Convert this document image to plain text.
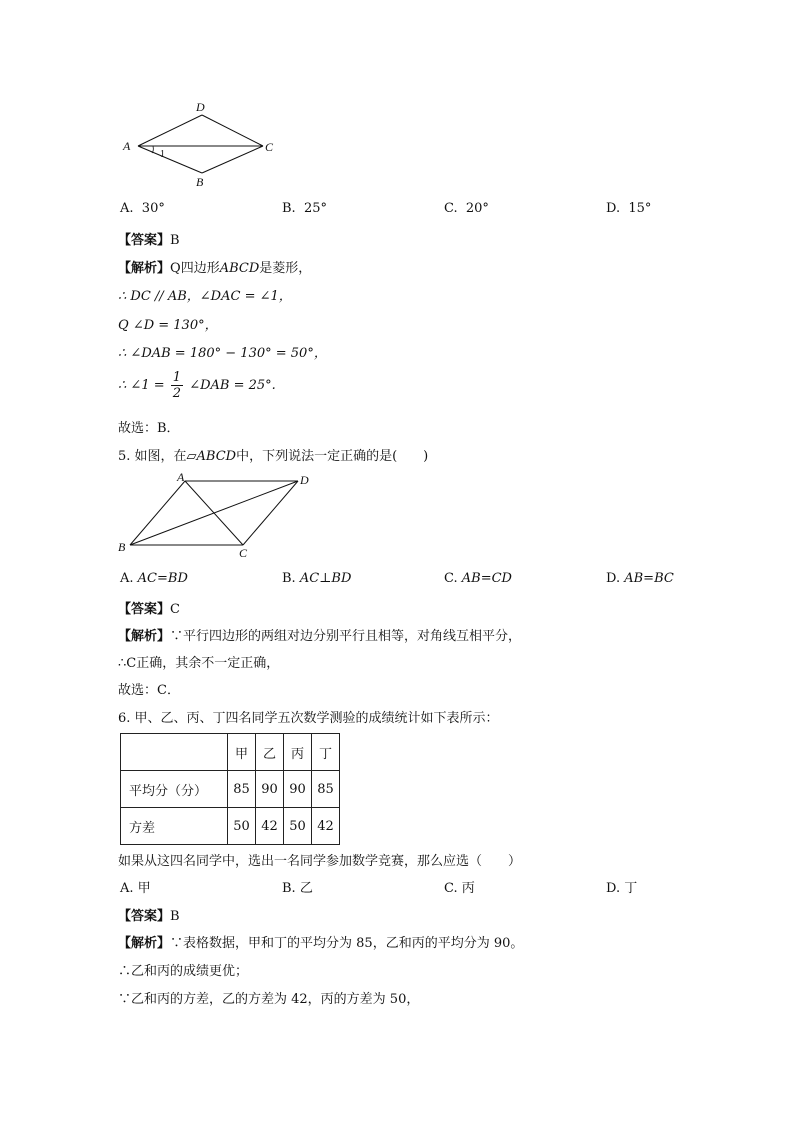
A
D
C
B
1
A. 30°	B. 25°	C. 20°	D. 15°
【答案】B
【解析】Q四边形ABCD是菱形，
∴ DC // AB，∠DAC = ∠1，
Q ∠D = 130°，
∴ ∠DAB = 180° − 130° = 50°，
∴ ∠1 = $\frac{1}{2}$ ∠DAB = 25°.
故选：B．
5. 如图，在▱ABCD中，下列说法一定正确的是(　　)
A	D
B	C
A. AC=BD	B. AC⊥BD	C. AB=CD	D. AB=BC
【答案】C
【解析】∵平行四边形的两组对边分别平行且相等，对角线互相平分，
∴C正确，其余不一定正确，
故选：C．
6. 甲、乙、丙、丁四名同学五次数学测验的成绩统计如下表所示：
	甲	乙	丙	丁
平均分（分）	85	90	90	85
方差	50	42	50	42
如果从这四名同学中，选出一名同学参加数学竞赛，那么应选（　　）
A. 甲	B. 乙	C. 丙	D. 丁
【答案】B
【解析】∵表格数据，甲和丁的平均分为 85，乙和丙的平均分为 90。
∴乙和丙的成绩更优；
∵乙和丙的方差，乙的方差为 42，丙的方差为 50，
